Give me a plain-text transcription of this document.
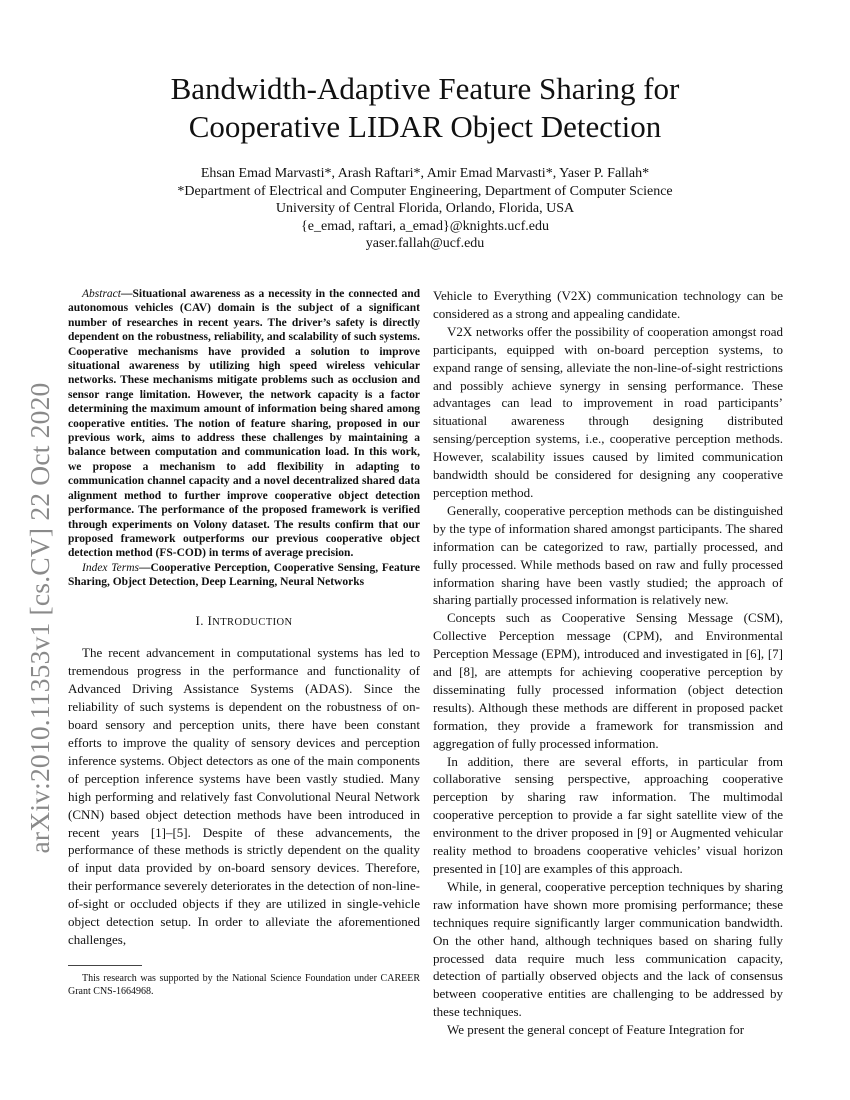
arXiv:2010.11353v1 [cs.CV] 22 Oct 2020
Bandwidth-Adaptive Feature Sharing for
Cooperative LIDAR Object Detection
Ehsan Emad Marvasti*, Arash Raftari*, Amir Emad Marvasti*, Yaser P. Fallah*
*Department of Electrical and Computer Engineering, Department of Computer Science
University of Central Florida, Orlando, Florida, USA
{e_emad, raftari, a_emad}@knights.ucf.edu
yaser.fallah@ucf.edu

Abstract—Situational awareness as a necessity in the connected and autonomous vehicles (CAV) domain is the subject of a significant number of researches in recent years. The driver’s safety is directly dependent on the robustness, reliability, and scalability of such systems. Cooperative mechanisms have provided a solution to improve situational awareness by utilizing high speed wireless vehicular networks. These mechanisms mitigate problems such as occlusion and sensor range limitation. However, the network capacity is a factor determining the maximum amount of information being shared among cooperative entities. The notion of feature sharing, proposed in our previous work, aims to address these challenges by maintaining a balance between computation and communication load. In this work, we propose a mechanism to add flexibility in adapting to communication channel capacity and a novel decentralized shared data alignment method to further improve cooperative object detection performance. The performance of the proposed framework is verified through experiments on Volony dataset. The results confirm that our proposed framework outperforms our previous cooperative object detection method (FS-COD) in terms of average precision.

Index Terms—Cooperative Perception, Cooperative Sensing, Feature Sharing, Object Detection, Deep Learning, Neural Networks

I. INTRODUCTION

The recent advancement in computational systems has led to tremendous progress in the performance and functionality of Advanced Driving Assistance Systems (ADAS). Since the reliability of such systems is dependent on the robustness of on-board sensory and perception units, there have been constant efforts to improve the quality of sensory devices and perception inference systems. Object detectors as one of the main components of perception inference systems have been vastly studied. Many high performing and relatively fast Convolutional Neural Network (CNN) based object detection methods have been introduced in recent years [1]–[5]. Despite of these advancements, the performance of these methods is strictly dependent on the quality of input data provided by on-board sensory devices. Therefore, their performance severely deteriorates in the detection of non-line-of-sight or occluded objects if they are utilized in single-vehicle object detection setup. In order to alleviate the aforementioned challenges,

This research was supported by the National Science Foundation under CAREER Grant CNS-1664968.

Vehicle to Everything (V2X) communication technology can be considered as a strong and appealing candidate.

V2X networks offer the possibility of cooperation amongst road participants, equipped with on-board perception systems, to expand range of sensing, alleviate the non-line-of-sight restrictions and possibly achieve synergy in sensing performance. These advantages can lead to improvement in road participants’ situational awareness through designing distributed sensing/perception systems, i.e., cooperative perception methods. However, scalability issues caused by limited communication bandwidth should be considered for designing any cooperative perception method.

Generally, cooperative perception methods can be distinguished by the type of information shared amongst participants. The shared information can be categorized to raw, partially processed, and fully processed. While methods based on raw and fully processed information sharing have been vastly studied; the approach of sharing partially processed information is relatively new.

Concepts such as Cooperative Sensing Message (CSM), Collective Perception message (CPM), and Environmental Perception Message (EPM), introduced and investigated in [6], [7] and [8], are attempts for achieving cooperative perception by disseminating fully processed information (object detection results). Although these methods are different in proposed packet formation, they provide a framework for transmission and aggregation of fully processed information.

In addition, there are several efforts, in particular from collaborative sensing perspective, approaching cooperative perception by sharing raw information. The multimodal cooperative perception to provide a far sight satellite view of the environment to the driver proposed in [9] or Augmented vehicular reality method to broadens cooperative vehicles’ visual horizon presented in [10] are examples of this approach.

While, in general, cooperative perception techniques by sharing raw information have shown more promising performance; these techniques require significantly larger communication bandwidth. On the other hand, although techniques based on sharing fully processed data require much less communication capacity, detection of partially observed objects and the lack of consensus between cooperative entities are challenging to be addressed by these techniques.

We present the general concept of Feature Integration for
